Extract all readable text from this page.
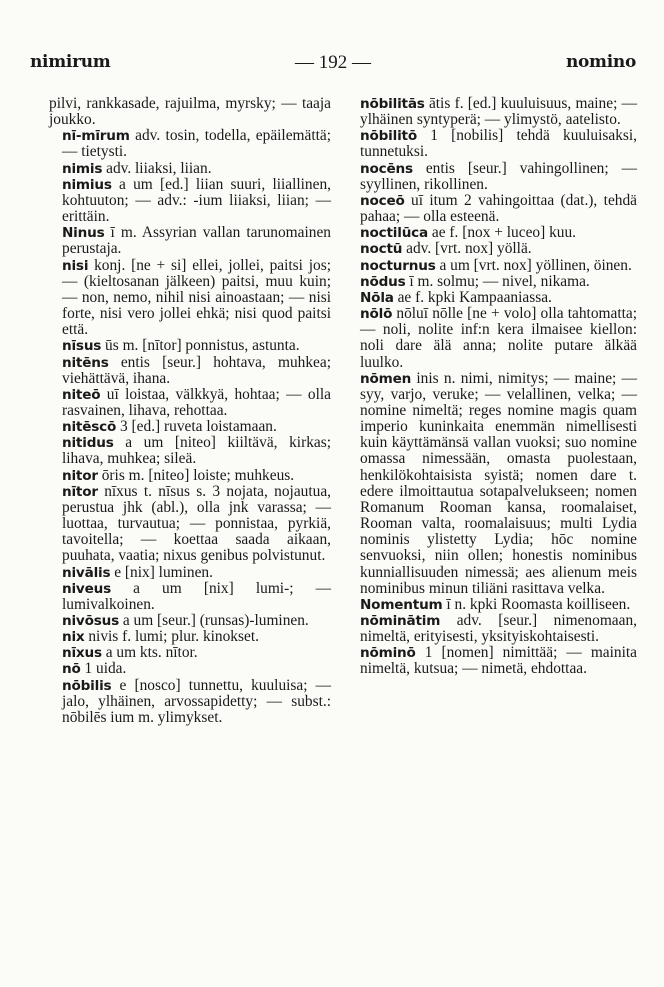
nimirum	— 192 —	nomino

pilvi, rankkasade, rajuilma, myrsky; — taaja joukko.

nī-mīrum adv. tosin, todella, epäilemättä; — tietysti.

nimis adv. liiaksi, liian.

nimius a um [ed.] liian suuri, liiallinen, kohtuuton; — adv.: -ium liiaksi, liian; — erittäin.

Ninus ī m. Assyrian vallan tarunomainen perustaja.

nisi konj. [ne + si] ellei, jollei, paitsi jos; — (kieltosanan jälkeen) paitsi, muu kuin; — non, nemo, nihil nisi ainoastaan; — nisi forte, nisi vero jollei ehkä; nisi quod paitsi että.

nīsus ūs m. [nītor] ponnistus, astunta.

nitēns entis [seur.] hohtava, muhkea; viehättävä, ihana.

niteō uī loistaa, välkkyä, hohtaa; — olla rasvainen, lihava, rehottaa.

nitēscō 3 [ed.] ruveta loistamaan.

nitidus a um [niteo] kiiltävä, kirkas; lihava, muhkea; sileä.

nitor ōris m. [niteo] loiste; muhkeus.

nītor nīxus t. nīsus s. 3 nojata, nojautua, perustua jhk (abl.), olla jnk varassa; — luottaa, turvautua; — ponnistaa, pyrkiä, tavoitella; — koettaa saada aikaan, puuhata, vaatia; nixus genibus polvistunut.

nivālis e [nix] luminen.

niveus a um [nix] lumi-; — lumivalkoinen.

nivōsus a um [seur.] (runsas)-luminen.

nix nivis f. lumi; plur. kinokset.

nīxus a um kts. nītor.

nō 1 uida.

nōbilis e [nosco] tunnettu, kuuluisa; — jalo, ylhäinen, arvossapidetty; — subst.: nōbilēs ium m. ylimykset.

nōbilitās ātis f. [ed.] kuuluisuus, maine; — ylhäinen syntyperä; — ylimystö, aatelisto.

nōbilitō 1 [nobilis] tehdä kuuluisaksi, tunnetuksi.

nocēns entis [seur.] vahingollinen; — syyllinen, rikollinen.

noceō uī itum 2 vahingoittaa (dat.), tehdä pahaa; — olla esteenä.

noctilūca ae f. [nox + luceo] kuu.

noctū adv. [vrt. nox] yöllä.

nocturnus a um [vrt. nox] yöllinen, öinen.

nōdus ī m. solmu; — nivel, nikama.

Nōla ae f. kpki Kampaaniassa.

nōlō nōluī nōlle [ne + volo] olla tahtomatta; — noli, nolite inf:n kera ilmaisee kiellon: noli dare älä anna; nolite putare älkää luulko.

nōmen inis n. nimi, nimitys; — maine; — syy, varjo, veruke; — velallinen, velka; — nomine nimeltä; reges nomine magis quam imperio kuninkaita enemmän nimellisesti kuin käyttämänsä vallan vuoksi; suo nomine omassa nimessään, omasta puolestaan, henkilökohtaisista syistä; nomen dare t. edere ilmoittautua sotapalvelukseen; nomen Romanum Rooman kansa, roomalaiset, Rooman valta, roomalaisuus; multi Lydia nominis ylistetty Lydia; hōc nomine senvuoksi, niin ollen; honestis nominibus kunniallisuuden nimessä; aes alienum meis nominibus minun tiliäni rasittava velka.

Nomentum ī n. kpki Roomasta koilliseen.

nōminātim adv. [seur.] nimenomaan, nimeltä, erityisesti, yksityiskohtaisesti.

nōminō 1 [nomen] nimittää; — mainita nimeltä, kutsua; — nimetä, ehdottaa.
